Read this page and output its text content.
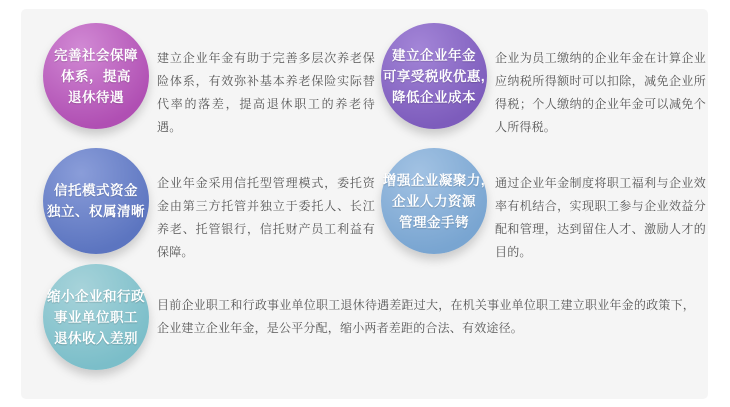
完善社会保障
体系，提高
退休待遇

建立企业年金有助于完善多层次养老保险体系，有效弥补基本养老保险实际替代率的落差，提高退休职工的养老待遇。

建立企业年金
可享受税收优惠,
降低企业成本

企业为员工缴纳的企业年金在计算企业应纳税所得额时可以扣除，减免企业所得税；个人缴纳的企业年金可以减免个人所得税。

信托模式资金
独立、权属清晰

企业年金采用信托型管理模式，委托资金由第三方托管并独立于委托人、长江养老、托管银行，信托财产员工利益有保障。

增强企业凝聚力,
企业人力资源
管理金手铐

通过企业年金制度将职工福利与企业效率有机结合，实现职工参与企业效益分配和管理，达到留住人才、激励人才的目的。

缩小企业和行政
事业单位职工
退休收入差别

目前企业职工和行政事业单位职工退休待遇差距过大，在机关事业单位职工建立职业年金的政策下，企业建立企业年金，是公平分配，缩小两者差距的合法、有效途径。
